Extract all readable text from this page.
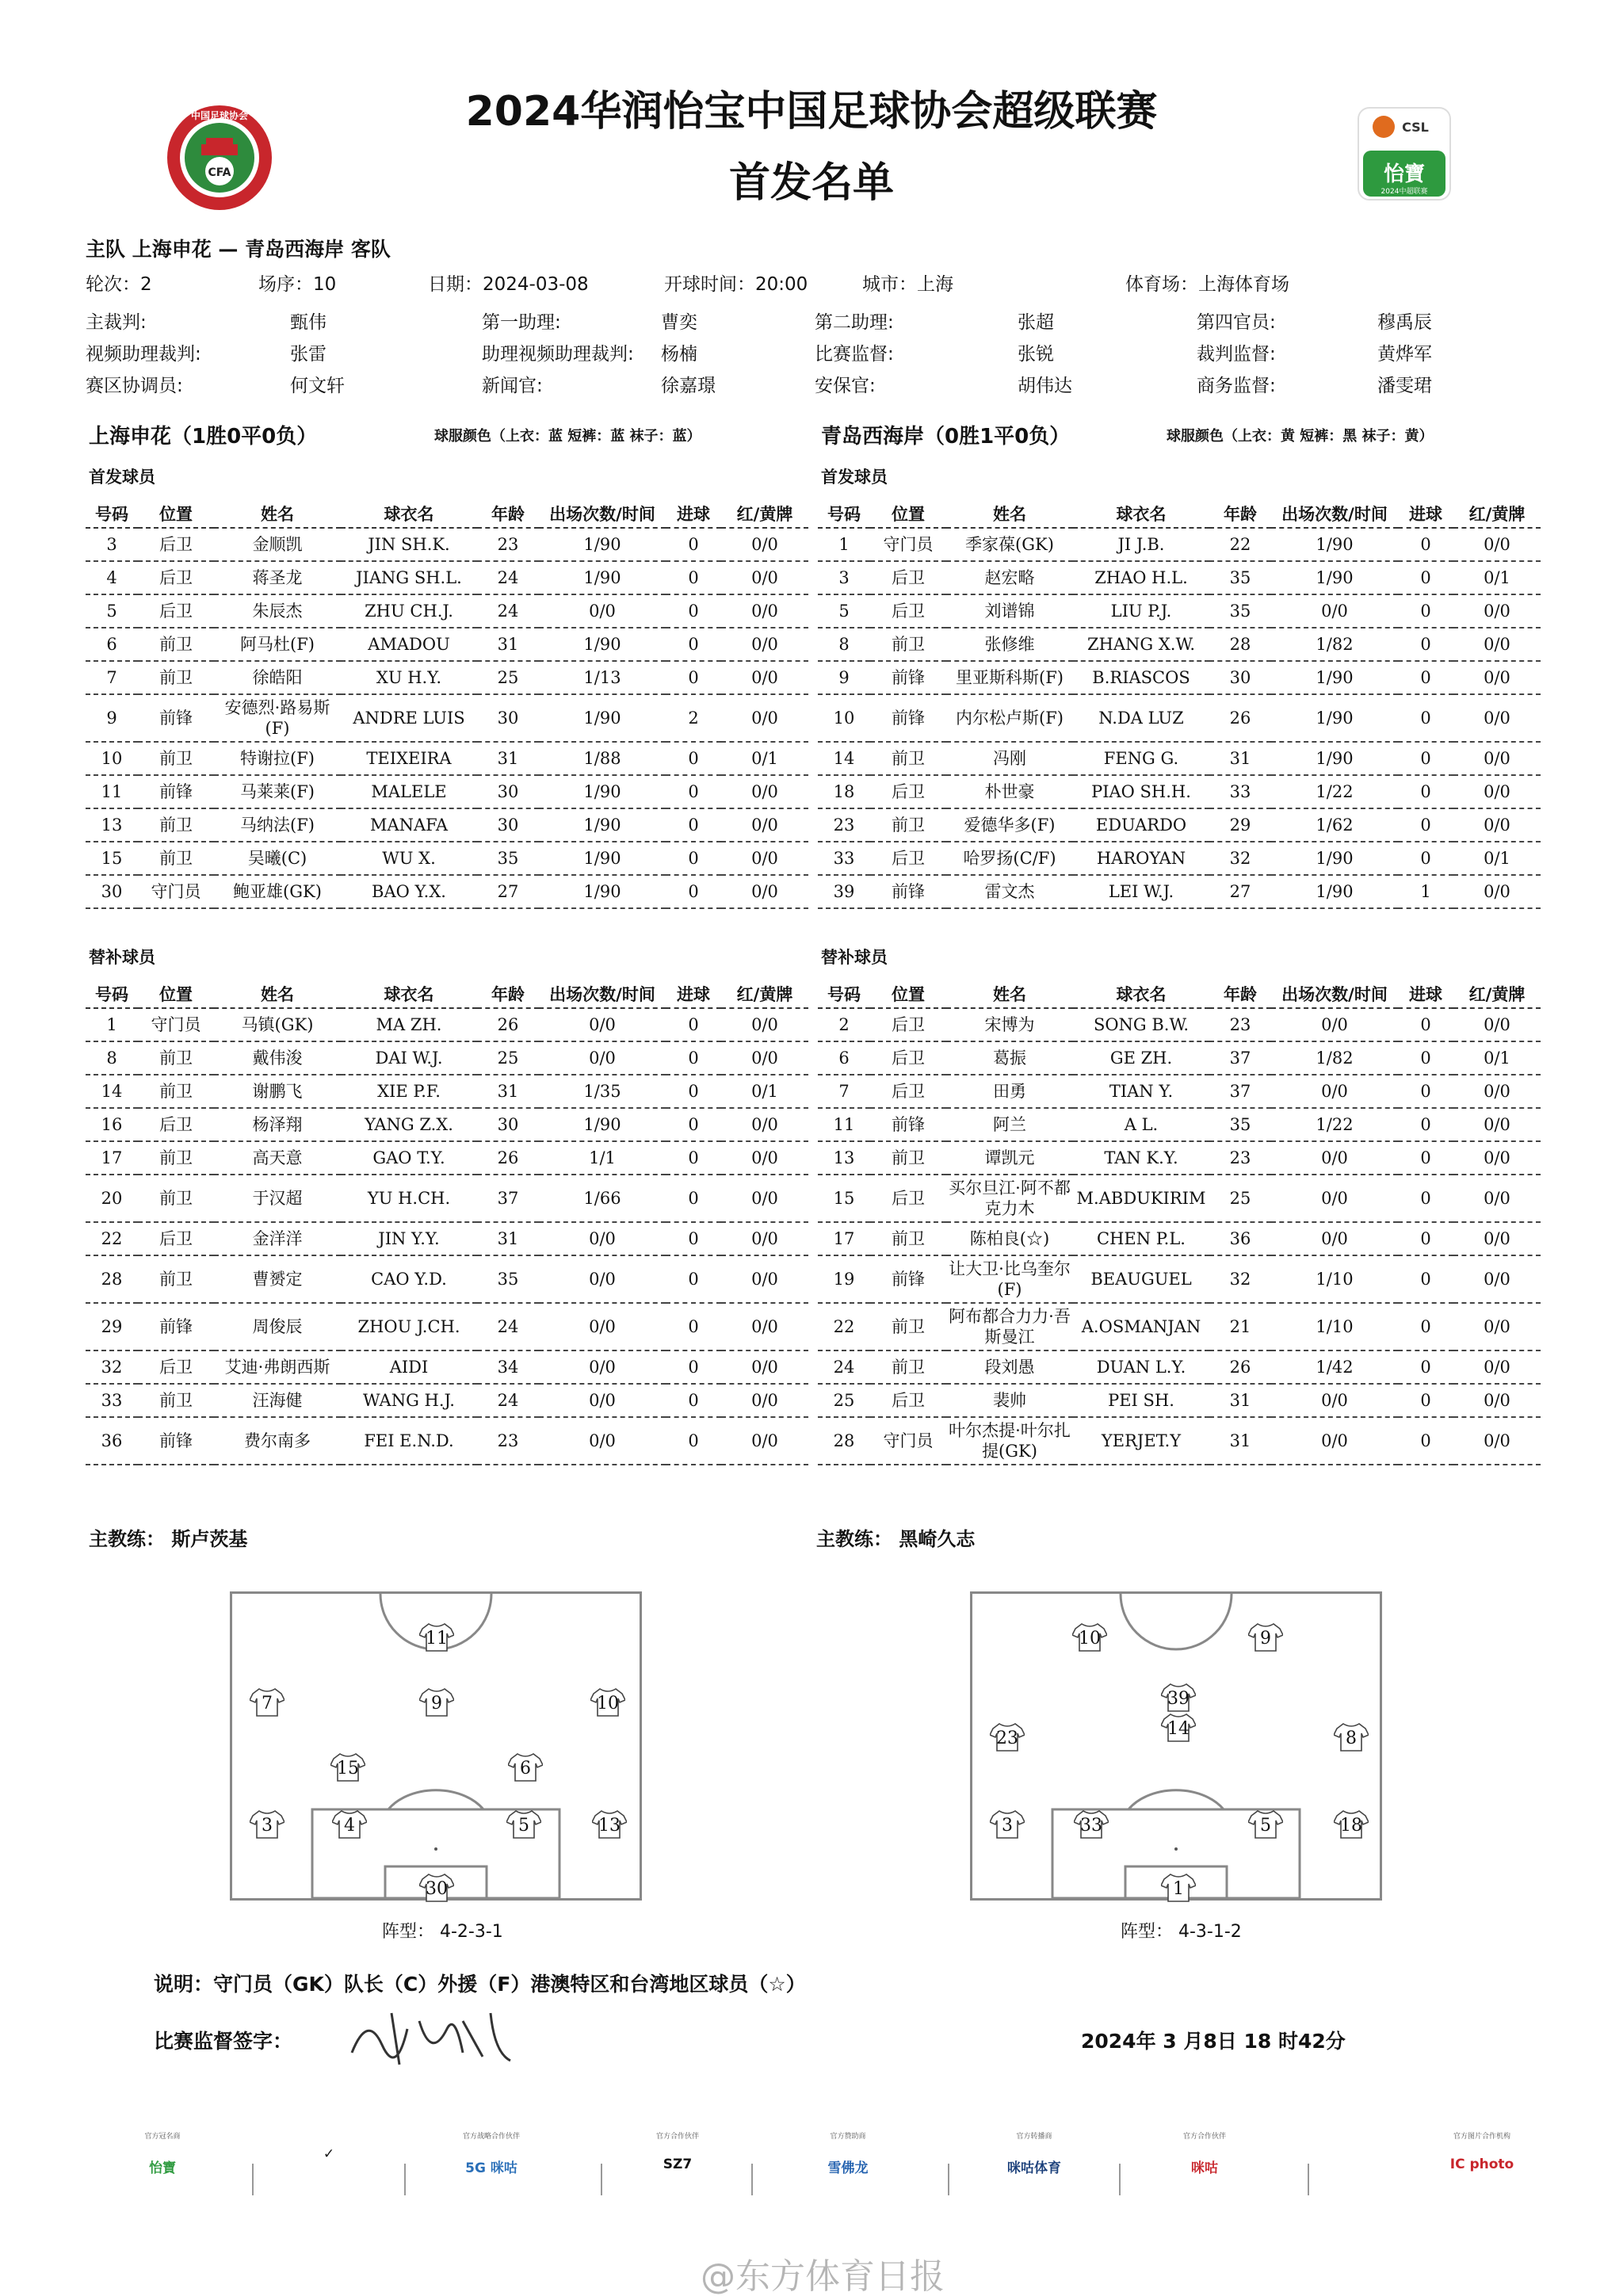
CFA
中国足球协会	2024华润怡宝中国足球协会超级联赛
首发名单
CSL
怡寶
2024中超联赛
主队 上海申花 — 青岛西海岸 客队
轮次：2	场序：10	日期：2024-03-08	开球时间：20:00	城市：上海	体育场：上海体育场
主裁判:	甄伟	第一助理:	曹奕	第二助理:	张超	第四官员:	穆禹辰
视频助理裁判:	张雷	助理视频助理裁判: 杨楠	比赛监督:	张锐	裁判监督:	黄烨军
赛区协调员:	何文轩	新闻官:	徐嘉璟	安保官:	胡伟达	商务监督:	潘雯珺
上海申花（1胜0平0负）	球服颜色（上衣：蓝 短裤：蓝 袜子：蓝）	青岛西海岸（0胜1平0负）	球服颜色（上衣：黄 短裤：黑 袜子：黄）
首发球员	首发球员
号码	位置	姓名	球衣名	年龄	出场次数/时间	进球	红/黄牌
3	后卫	金顺凯	JIN SH.K.	23	1/90	0	0/0
4	后卫	蒋圣龙	JIANG SH.L.	24	1/90	0	0/0
5	后卫	朱辰杰	ZHU CH.J.	24	0/0	0	0/0
6	前卫	阿马杜(F)	AMADOU	31	1/90	0	0/0
7	前卫	徐皓阳	XU H.Y.	25	1/13	0	0/0
9	前锋	安德烈·路易斯(F)	ANDRE LUIS	30	1/90	2	0/0
10	前卫	特谢拉(F)	TEIXEIRA	31	1/88	0	0/1
11	前锋	马莱莱(F)	MALELE	30	1/90	0	0/0
13	前卫	马纳法(F)	MANAFA	30	1/90	0	0/0
15	前卫	吴曦(C)	WU X.	35	1/90	0	0/0
30	守门员	鲍亚雄(GK)	BAO Y.X.	27	1/90	0	0/0
号码	位置	姓名	球衣名	年龄	出场次数/时间	进球	红/黄牌
1	守门员	季家葆(GK)	JI J.B.	22	1/90	0	0/0
3	后卫	赵宏略	ZHAO H.L.	35	1/90	0	0/1
5	后卫	刘谱锦	LIU P.J.	35	0/0	0	0/0
8	前卫	张修维	ZHANG X.W.	28	1/82	0	0/0
9	前锋	里亚斯科斯(F)	B.RIASCOS	30	1/90	0	0/0
10	前锋	内尔松卢斯(F)	N.DA LUZ	26	1/90	0	0/0
14	前卫	冯刚	FENG G.	31	1/90	0	0/0
18	后卫	朴世豪	PIAO SH.H.	33	1/22	0	0/0
23	前卫	爱德华多(F)	EDUARDO	29	1/62	0	0/0
33	后卫	哈罗扬(C/F)	HAROYAN	32	1/90	0	0/1
39	前锋	雷文杰	LEI W.J.	27	1/90	1	0/0
替补球员	替补球员
号码	位置	姓名	球衣名	年龄	出场次数/时间	进球	红/黄牌
1	守门员	马镇(GK)	MA ZH.	26	0/0	0	0/0
8	前卫	戴伟浚	DAI W.J.	25	0/0	0	0/0
14	前卫	谢鹏飞	XIE P.F.	31	1/35	0	0/1
16	后卫	杨泽翔	YANG Z.X.	30	1/90	0	0/0
17	前卫	高天意	GAO T.Y.	26	1/1	0	0/0
20	前卫	于汉超	YU H.CH.	37	1/66	0	0/0
22	后卫	金洋洋	JIN Y.Y.	31	0/0	0	0/0
28	前卫	曹赟定	CAO Y.D.	35	0/0	0	0/0
29	前锋	周俊辰	ZHOU J.CH.	24	0/0	0	0/0
32	后卫	艾迪·弗朗西斯	AIDI	34	0/0	0	0/0
33	前卫	汪海健	WANG H.J.	24	0/0	0	0/0
36	前锋	费尔南多	FEI E.N.D.	23	0/0	0	0/0
号码	位置	姓名	球衣名	年龄	出场次数/时间	进球	红/黄牌
2	后卫	宋博为	SONG B.W.	23	0/0	0	0/0
6	后卫	葛振	GE ZH.	37	1/82	0	0/1
7	后卫	田勇	TIAN Y.	37	0/0	0	0/0
11	前锋	阿兰	A L.	35	1/22	0	0/0
13	前卫	谭凯元	TAN K.Y.	23	0/0	0	0/0
15	后卫	买尔旦江·阿不都克力木	M.ABDUKIRIM	25	0/0	0	0/0
17	前卫	陈柏良(☆)	CHEN P.L.	36	0/0	0	0/0
19	前锋	让大卫·比乌奎尔(F)	BEAUGUEL	32	1/10	0	0/0
22	前卫	阿布都合力力·吾斯曼江	A.OSMANJAN	21	1/10	0	0/0
24	前卫	段刘愚	DUAN L.Y.	26	1/42	0	0/0
25	后卫	裴帅	PEI SH.	31	0/0	0	0/0
28	守门员	叶尔杰提·叶尔扎提(GK)	YERJET.Y	31	0/0	0	0/0
主教练： 斯卢茨基	主教练： 黑崎久志
11
7	9	10
15	6
3	4	5	13
30
10	9
39
14
23	8
3	33	5	18
1
阵型： 4-2-3-1	阵型： 4-3-1-2
说明：守门员（GK）队长（C）外援（F）港澳特区和台湾地区球员（☆）
比赛监督签字：	2024年 3 月8日 18 时42分
官方冠名商
怡寶
✓
官方战略合作伙伴
5G 咪咕
官方合作伙伴
SZ7
官方赞助商
雪佛龙
官方转播商
咪咕体育
官方合作伙伴
咪咕
官方图片合作机构
IC photo
@东方体育日报
